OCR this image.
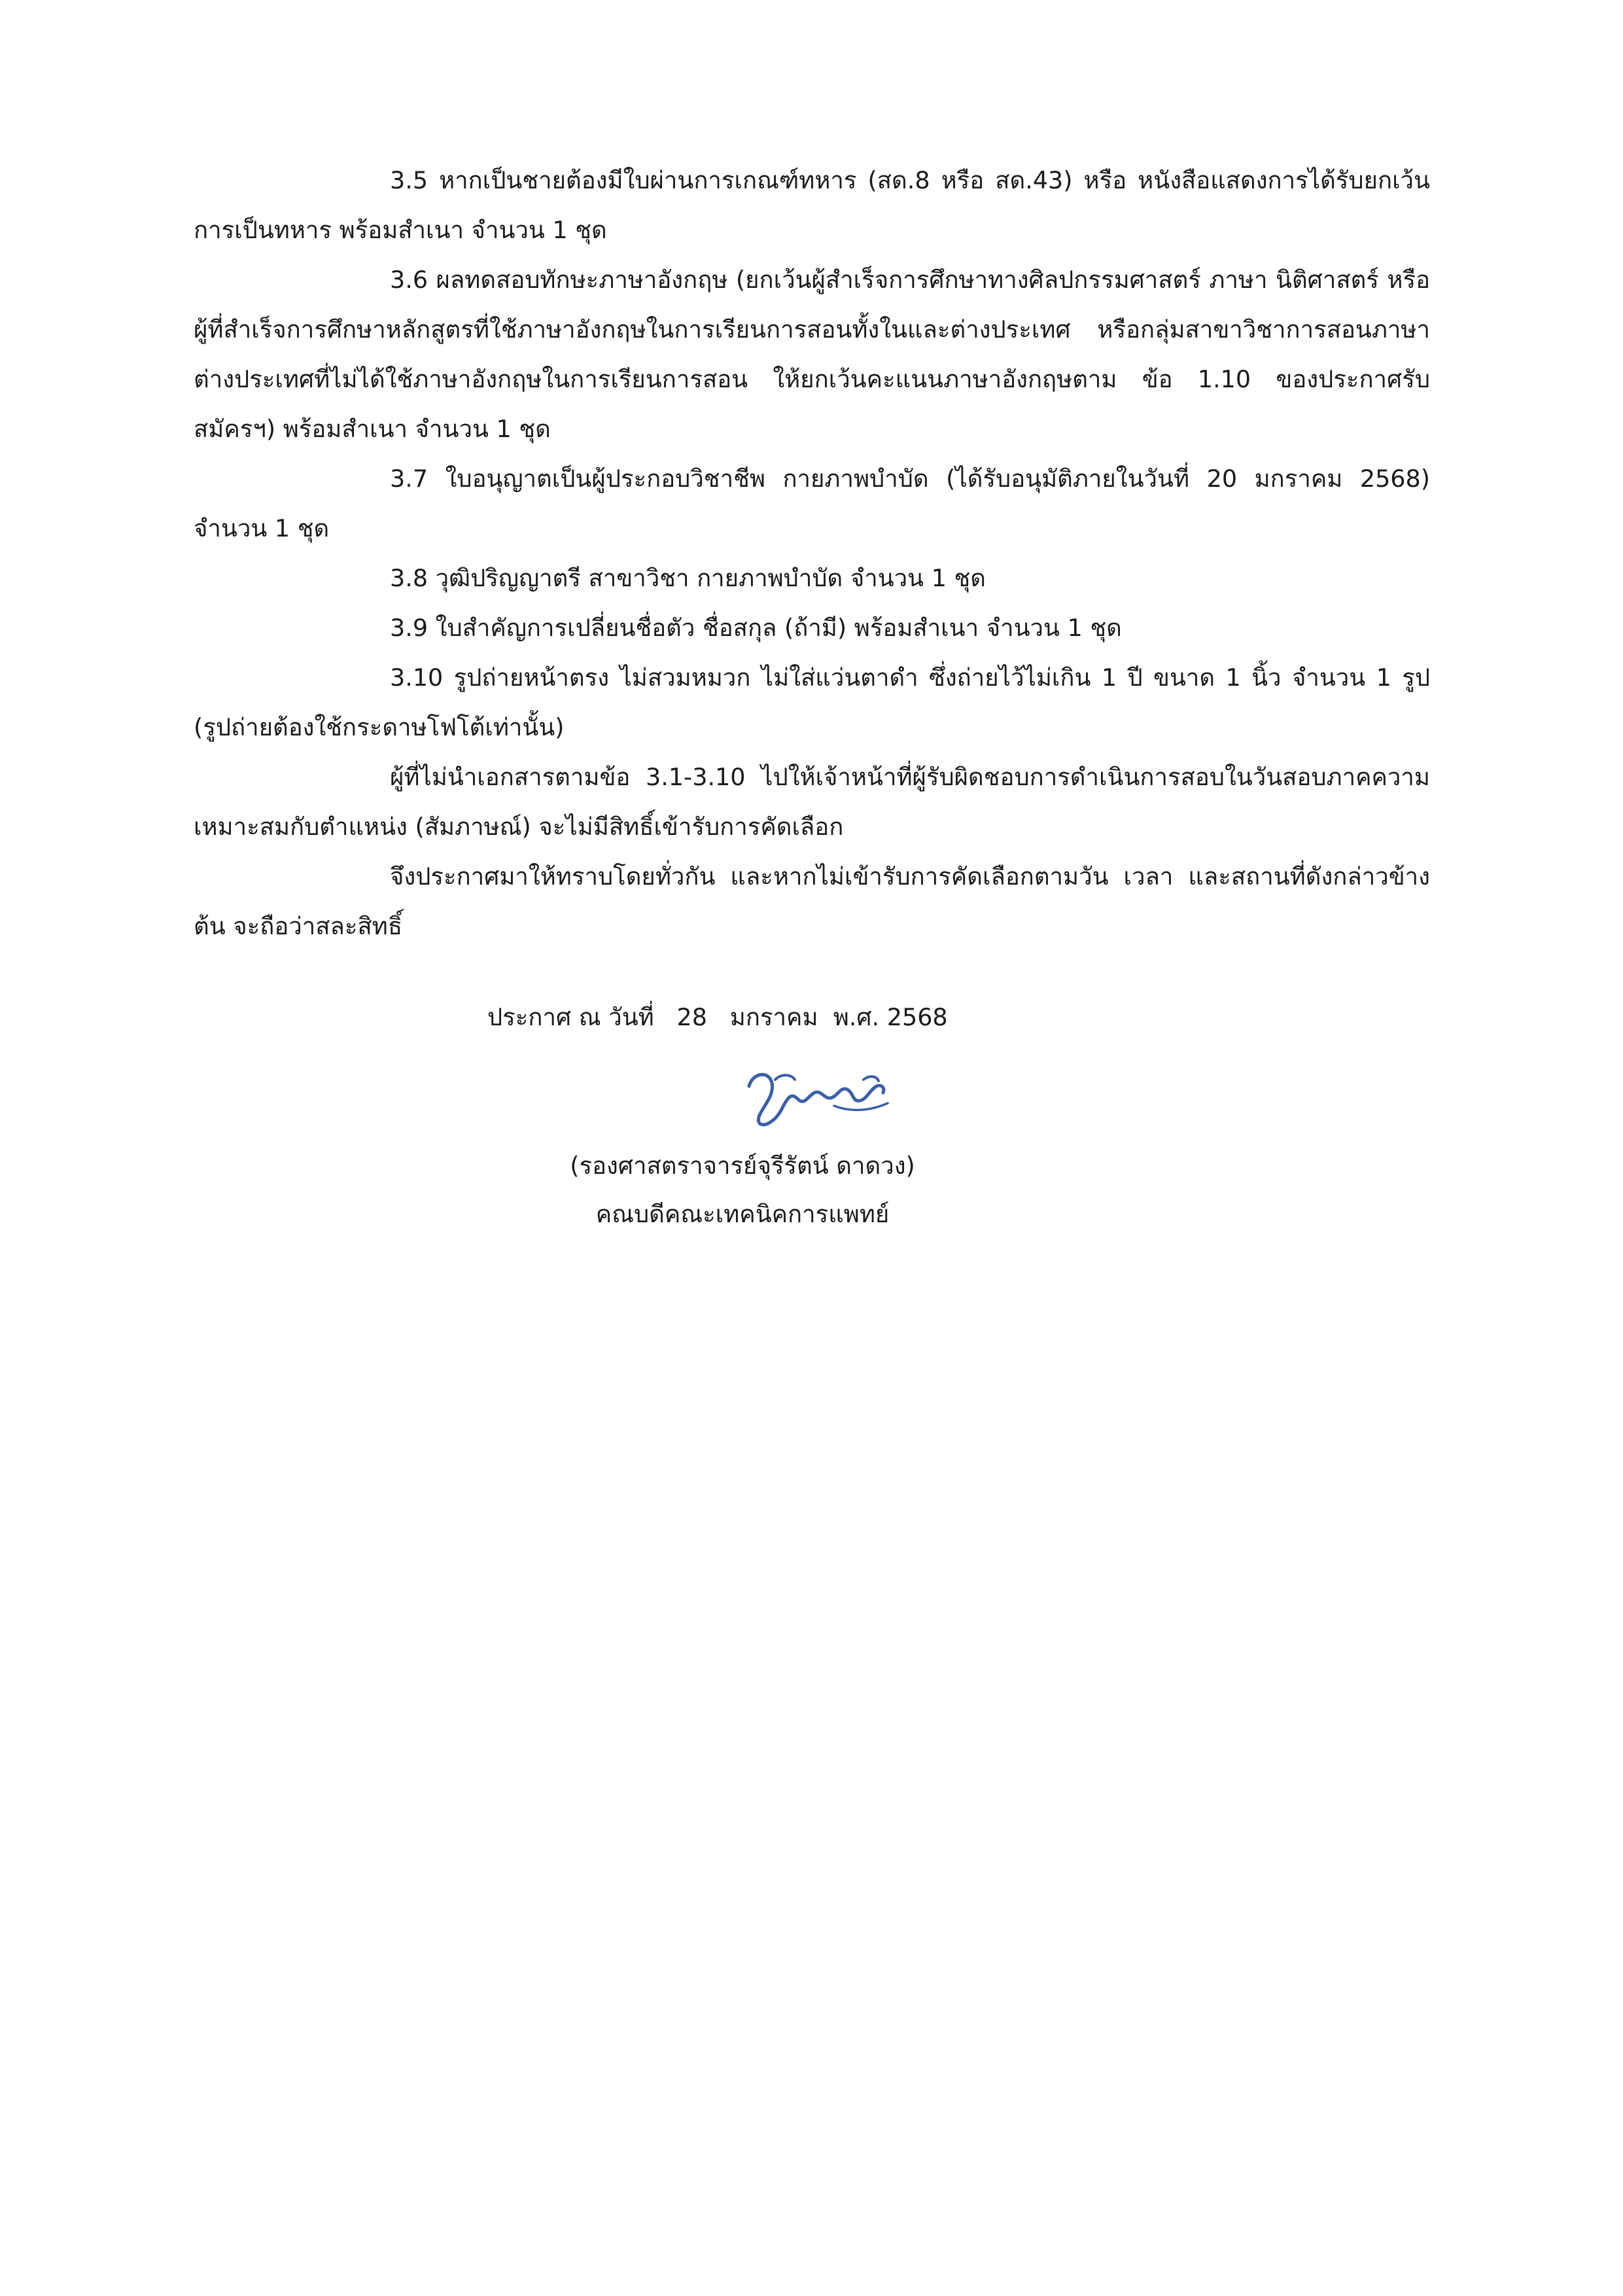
3.5 หากเป็นชายต้องมีใบผ่านการเกณฑ์ทหาร (สด.8 หรือ สด.43) หรือ หนังสือแสดงการได้รับยกเว้นการเป็นทหาร พร้อมสำเนา จำนวน 1 ชุด

3.6 ผลทดสอบทักษะภาษาอังกฤษ (ยกเว้นผู้สำเร็จการศึกษาทางศิลปกรรมศาสตร์ ภาษา นิติศาสตร์ หรือผู้ที่สำเร็จการศึกษาหลักสูตรที่ใช้ภาษาอังกฤษในการเรียนการสอนทั้งในและต่างประเทศ หรือกลุ่มสาขาวิชาการสอนภาษาต่างประเทศที่ไม่ได้ใช้ภาษาอังกฤษในการเรียนการสอน ให้ยกเว้นคะแนนภาษาอังกฤษตาม ข้อ 1.10 ของประกาศรับสมัครฯ) พร้อมสำเนา จำนวน 1 ชุด

3.7 ใบอนุญาตเป็นผู้ประกอบวิชาชีพ กายภาพบำบัด (ได้รับอนุมัติภายในวันที่ 20 มกราคม 2568) จำนวน 1 ชุด

3.8 วุฒิปริญญาตรี สาขาวิชา กายภาพบำบัด จำนวน 1 ชุด

3.9 ใบสำคัญการเปลี่ยนชื่อตัว ชื่อสกุล (ถ้ามี) พร้อมสำเนา จำนวน 1 ชุด

3.10 รูปถ่ายหน้าตรง ไม่สวมหมวก ไม่ใส่แว่นตาดำ ซึ่งถ่ายไว้ไม่เกิน 1 ปี ขนาด 1 นิ้ว จำนวน 1 รูป (รูปถ่ายต้องใช้กระดาษโฟโต้เท่านั้น)

ผู้ที่ไม่นำเอกสารตามข้อ 3.1-3.10 ไปให้เจ้าหน้าที่ผู้รับผิดชอบการดำเนินการสอบในวันสอบภาคความเหมาะสมกับตำแหน่ง (สัมภาษณ์) จะไม่มีสิทธิ์เข้ารับการคัดเลือก

จึงประกาศมาให้ทราบโดยทั่วกัน และหากไม่เข้ารับการคัดเลือกตามวัน เวลา และสถานที่ดังกล่าวข้างต้น จะถือว่าสละสิทธิ์

ประกาศ ณ วันที่   28   มกราคม  พ.ศ. 2568
(รองศาสตราจารย์จุรีรัตน์ ดาดวง)
คณบดีคณะเทคนิคการแพทย์
